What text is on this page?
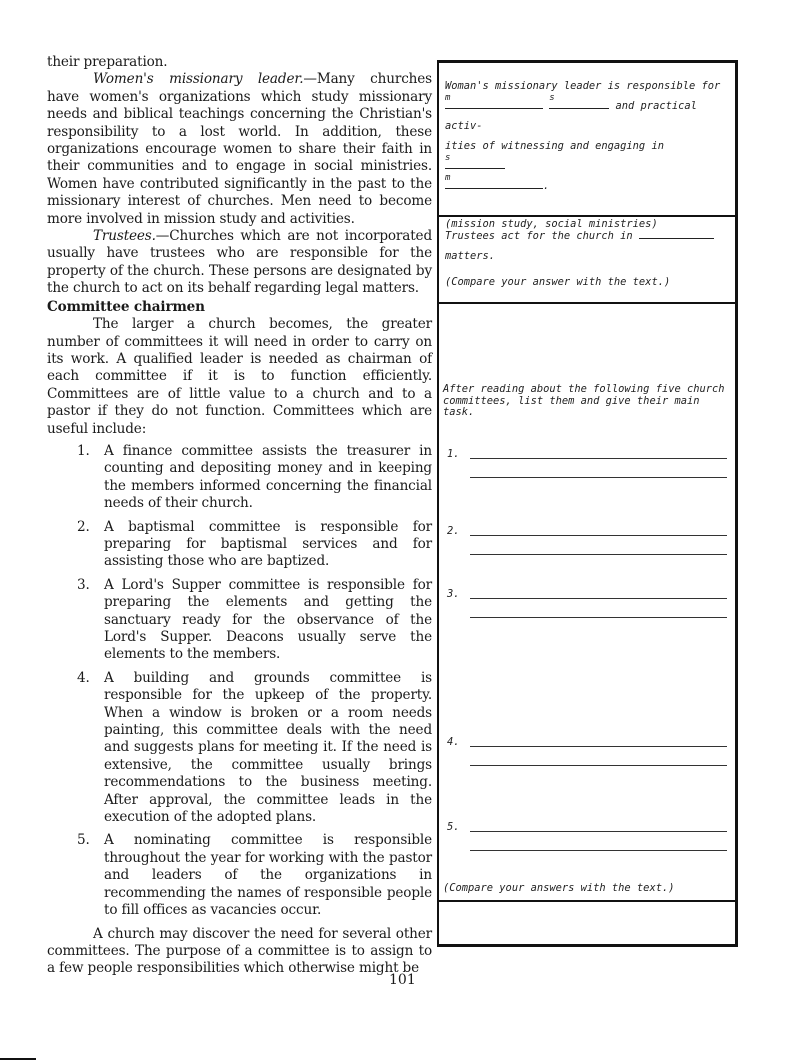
their preparation.

Women's missionary leader.—Many churches have women's organizations which study missionary needs and biblical teachings concerning the Christian's responsibility to a lost world. In addition, these organizations encourage women to share their faith in their communities and to engage in social ministries. Women have contributed significantly in the past to the missionary interest of churches. Men need to become more involved in mission study and activities.

Trustees.—Churches which are not incorporated usually have trustees who are responsible for the property of the church. These persons are designated by the church to act on its behalf regarding legal matters.

Committee chairmen

The larger a church becomes, the greater number of committees it will need in order to carry on its work. A qualified leader is needed as chairman of each committee if it is to function efficiently. Committees are of little value to a church and to a pastor if they do not function. Committees which are useful include:

1. A finance committee assists the treasurer in counting and depositing money and in keeping the members informed concerning the financial needs of their church.
2. A baptismal committee is responsible for preparing for baptismal services and for assisting those who are baptized.
3. A Lord's Supper committee is responsible for preparing the elements and getting the sanctuary ready for the observance of the Lord's Supper. Deacons usually serve the elements to the members.
4. A building and grounds committee is responsible for the upkeep of the property. When a window is broken or a room needs painting, this committee deals with the need and suggests plans for meeting it. If the need is extensive, the committee usually brings recommendations to the business meeting. After approval, the committee leads in the execution of the adopted plans.
5. A nominating committee is responsible throughout the year for working with the pastor and leaders of the organizations in recommending the names of responsible people to fill offices as vacancies occur.

A church may discover the need for several other committees. The purpose of a committee is to assign to a few people responsibilities which otherwise might be

Woman's missionary leader is responsible for
m
	s
and practical activ-
ities of witnessing and engaging in
s
m
.
(mission study, social ministries)
Trustees act for the church in
matters.
(Compare your answer with the text.)
After reading about the following five church committees, list them and give their main task.
1.
2.
3.
4.
5.
(Compare your answers with the text.)
101
